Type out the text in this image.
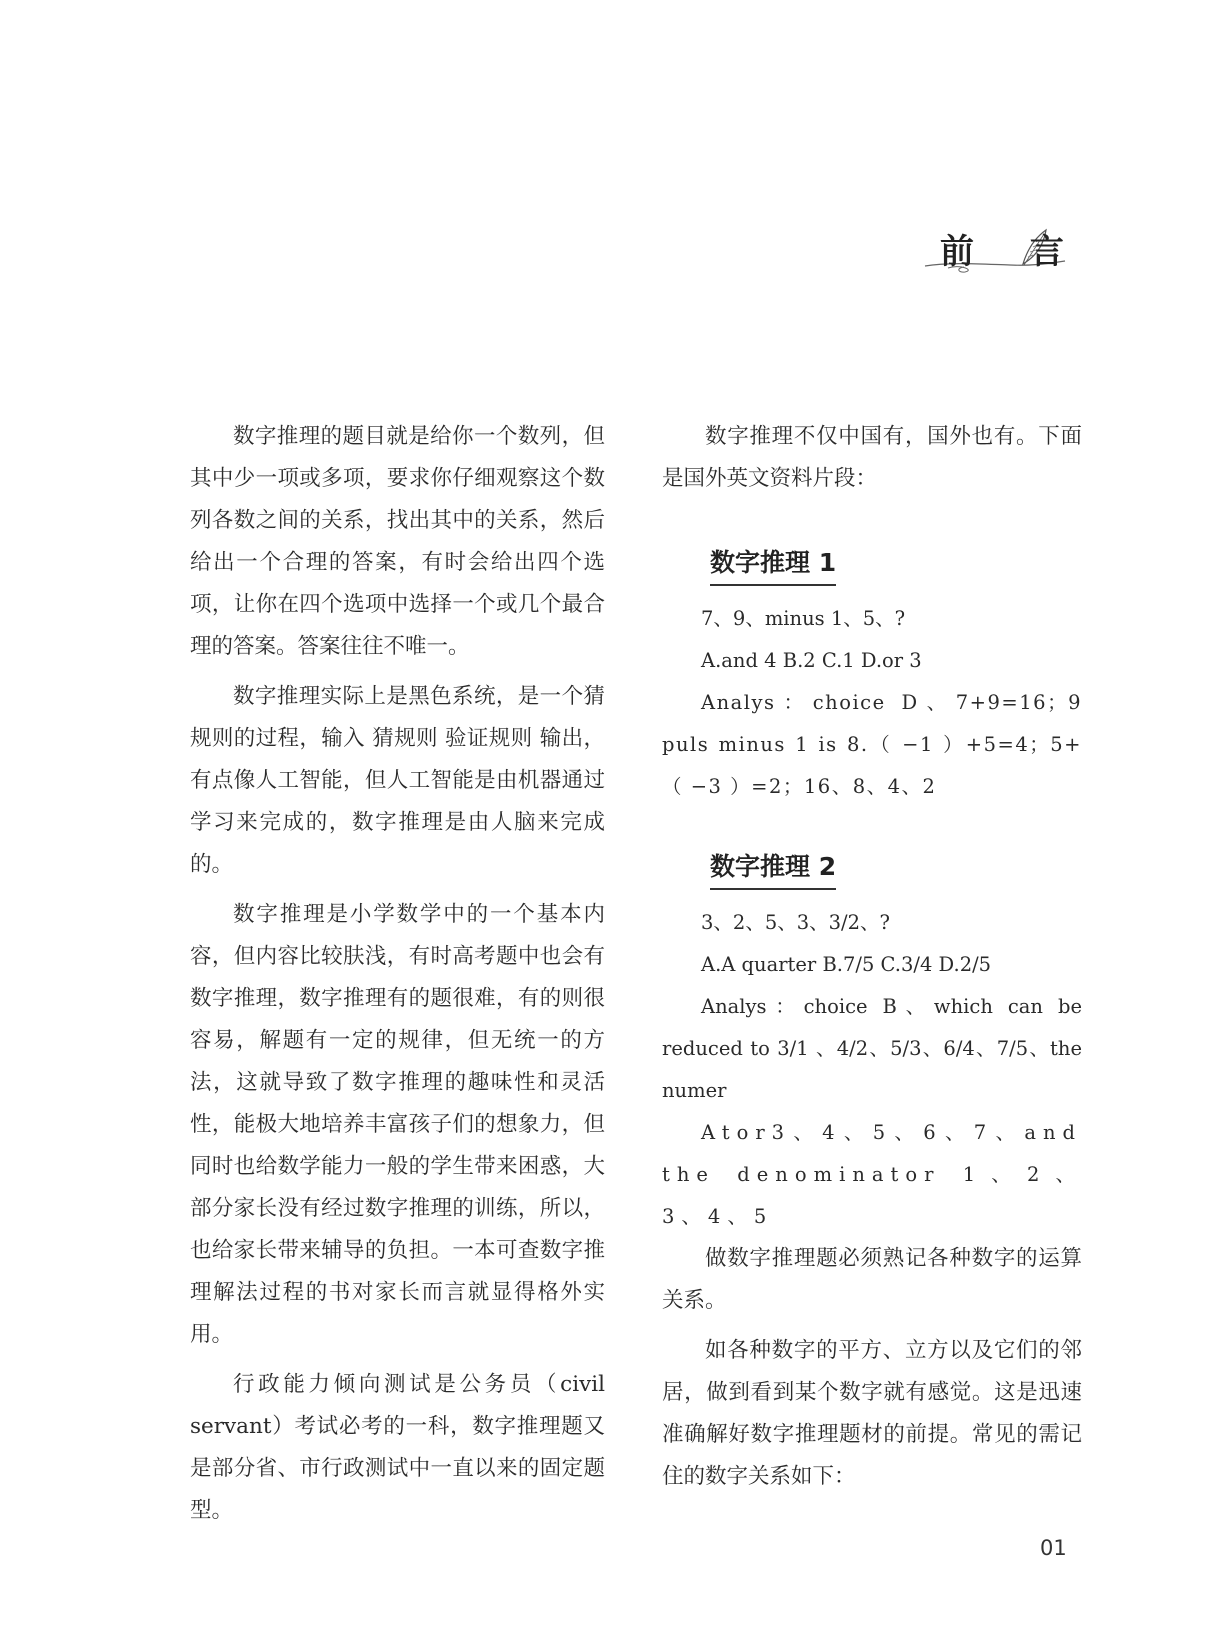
前 言

数字推理的题目就是给你一个数列，但其中少一项或多项，要求你仔细观察这个数列各数之间的关系，找出其中的关系，然后给出一个合理的答案，有时会给出四个选项，让你在四个选项中选择一个或几个最合理的答案。答案往往不唯一。

数字推理实际上是黑色系统，是一个猜规则的过程，输入 猜规则 验证规则 输出，有点像人工智能，但人工智能是由机器通过学习来完成的，数字推理是由人脑来完成的。

数字推理是小学数学中的一个基本内容，但内容比较肤浅，有时高考题中也会有数字推理，数字推理有的题很难，有的则很容易，解题有一定的规律，但无统一的方法，这就导致了数字推理的趣味性和灵活性，能极大地培养丰富孩子们的想象力，但同时也给数学能力一般的学生带来困惑，大部分家长没有经过数字推理的训练，所以，也给家长带来辅导的负担。一本可查数字推理解法过程的书对家长而言就显得格外实用。

行政能力倾向测试是公务员（civil servant）考试必考的一科，数字推理题又是部分省、市行政测试中一直以来的固定题型。

数字推理不仅中国有，国外也有。下面是国外英文资料片段：

数字推理 1

7、9、minus 1、5、?

A.and 4 B.2 C.1 D.or 3

Analys：choice D、7+9=16；9 puls minus 1 is 8.（ −1 ）+5=4；5+（ −3 ）=2；16、8、4、2

数字推理 2

3、2、5、3、3/2、?

A.A quarter B.7/5 C.3/4 D.2/5

Analys：choice B、which can be reduced to 3/1 、4/2、5/3、6/4、7/5、the numer

Ator3、4、5、6、7、and the denominator 1、2、3、4、5

做数字推理题必须熟记各种数字的运算关系。

如各种数字的平方、立方以及它们的邻居，做到看到某个数字就有感觉。这是迅速准确解好数字推理题材的前提。常见的需记住的数字关系如下：

01
